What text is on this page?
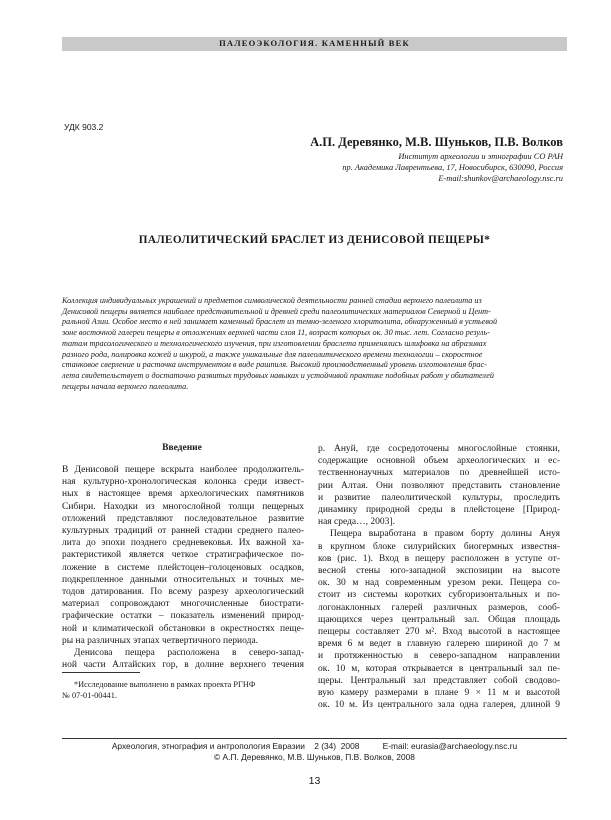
ПАЛЕОЭКОЛОГИЯ. КАМЕННЫЙ ВЕК
УДК 903.2
А.П. Деревянко, М.В. Шуньков, П.В. Волков
Институт археологии и этнографии СО РАН
пр. Академика Лаврентьева, 17, Новосибирск, 630090, Россия
E-mail:shunkov@archaeology.nsc.ru
ПАЛЕОЛИТИЧЕСКИЙ БРАСЛЕТ ИЗ ДЕНИСОВОЙ ПЕЩЕРЫ*
Коллекция индивидуальных украшений и предметов символической деятельности ранней стадии верхнего палеолита из
Денисовой пещеры является наиболее представительной и древней среди палеолитических материалов Северной и Цент-
ральной Азии. Особое место в ней занимает каменный браслет из темно-зеленого хлоритолита, обнаруженный в устьевой
зоне восточной галереи пещеры в отложениях верхней части слоя 11, возраст которых ок. 30 тыс. лет. Согласно резуль-
татам трасологического и технологического изучения, при изготовлении браслета применялись шлифовка на абразивах
разного рода, полировка кожей и шкурой, а также уникальные для палеолитического времени технологии – скоростное
станковое сверление и расточка инструментом в виде рашпиля. Высокий производственный уровень изготовления брас-
лета свидетельствует о достаточно развитых трудовых навыках и устойчивой практике подобных работ у обитателей
пещеры начала верхнего палеолита.
Введение
В Денисовой пещере вскрыта наиболее продолжитель-
ная культурно-хронологическая колонка среди извест-
ных в настоящее время археологических памятников
Сибири. Находки из многослойной толщи пещерных
отложений представляют последовательное развитие
культурных традиций от ранней стадии среднего палео-
лита до эпохи позднего средневековья. Их важной ха-
рактеристикой является четкое стратиграфическое по-
ложение в системе плейстоцен–голоценовых осадков,
подкрепленное данными относительных и точных ме-
тодов датирования. По всему разрезу археологический
материал сопровождают многочисленные биострати-
графические остатки – показатель изменений природ-
ной и климатической обстановки в окрестностях пеще-
ры на различных этапах четвертичного периода.
Денисова пещера расположена в северо-запад-
ной части Алтайских гор, в долине верхнего течения
р. Ануй, где сосредоточены многослойные стоянки,
содержащие основной объем археологических и ес-
тественнонаучных материалов по древнейшей исто-
рии Алтая. Они позволяют представить становление
и развитие палеолитической культуры, проследить
динамику природной среды в плейстоцене [Природ-
ная среда…, 2003].
Пещера выработана в правом борту долины Ануя
в крупном блоке силурийских биогермных известня-
ков (рис. 1). Вход в пещеру расположен в уступе от-
весной стены юго-западной экспозиции на высоте
ок. 30 м над современным урезом реки. Пещера со-
стоит из системы коротких субгоризонтальных и по-
логонаклонных галерей различных размеров, сооб-
щающихся через центральный зал. Общая площадь
пещеры составляет 270 м². Вход высотой в настоящее
время 6 м ведет в главную галерею шириной до 7 м
и протяженностью в северо-западном направлении
ок. 10 м, которая открывается в центральный зал пе-
щеры. Центральный зал представляет собой сводово-
вую камеру размерами в плане 9 × 11 м и высотой
ок. 10 м. Из центрального зала одна галерея, длиной 9
*Исследование выполнено в рамках проекта РГНФ
№ 07-01-00441.
Археология, этнография и антропология Евразии 2 (34) 2008	E-mail: eurasia@archaeology.nsc.ru
© А.П. Деревянко, М.В. Шуньков, П.В. Волков, 2008
13
